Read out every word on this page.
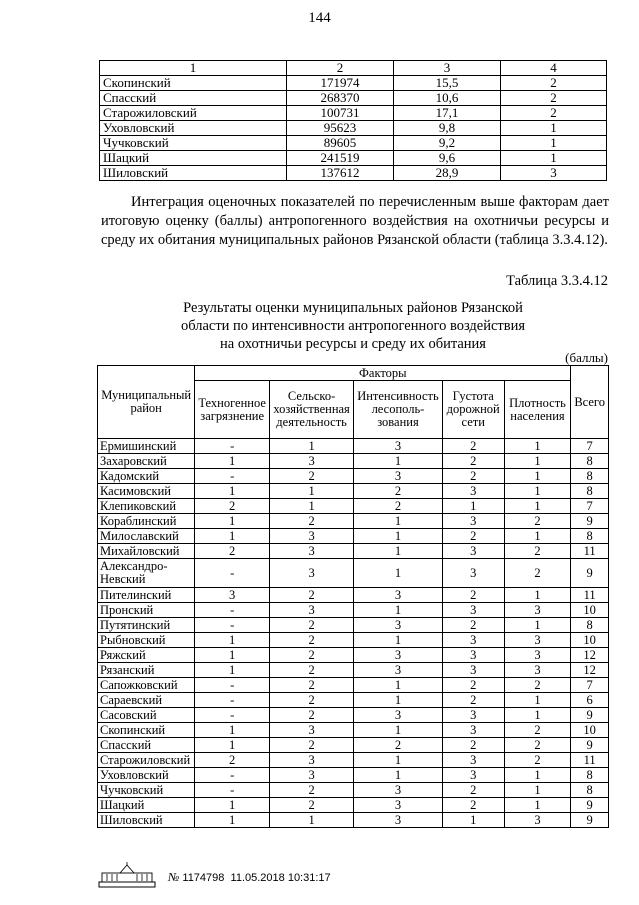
144
1	2	3	4
Скопинский	171974	15,5	2
Спасский	268370	10,6	2
Старожиловский	100731	17,1	2
Уховловский	95623	9,8	1
Чучковский	89605	9,2	1
Шацкий	241519	9,6	1
Шиловский	137612	28,9	3
Интеграция оценочных показателей по перечисленным выше факторам дает итоговую оценку (баллы) антропогенного воздействия на охотничьи ресурсы и среду их обитания муниципальных районов Рязанской области (таблица 3.3.4.12).
Таблица 3.3.4.12
Результаты оценки муниципальных районов Рязанской
области по интенсивности антропогенного воздействия
на охотничьи ресурсы и среду их обитания
(баллы)
Муниципальный район	Факторы					Всего
	Техногенное загрязнение	Сельско-хозяйственная деятельность	Интенсивность лесополь-зования	Густота дорожной сети	Плотность населения	
Ермишинский	-	1	3	2	1	7
Захаровский	1	3	1	2	1	8
Кадомский	-	2	3	2	1	8
Касимовский	1	1	2	3	1	8
Клепиковский	2	1	2	1	1	7
Кораблинский	1	2	1	3	2	9
Милославский	1	3	1	2	1	8
Михайловский	2	3	1	3	2	11
Александро-Невский	-	3	1	3	2	9
Пителинский	3	2	3	2	1	11
Пронский	-	3	1	3	3	10
Путятинский	-	2	3	2	1	8
Рыбновский	1	2	1	3	3	10
Ряжский	1	2	3	3	3	12
Рязанский	1	2	3	3	3	12
Сапожковский	-	2	1	2	2	7
Сараевский	-	2	1	2	1	6
Сасовский	-	2	3	3	1	9
Скопинский	1	3	1	3	2	10
Спасский	1	2	2	2	2	9
Старожиловский	2	3	1	3	2	11
Уховловский	-	3	1	3	1	8
Чучковский	-	2	3	2	1	8
Шацкий	1	2	3	2	1	9
Шиловский	1	1	3	1	3	9
№ 1174798 11.05.2018 10:31:17
